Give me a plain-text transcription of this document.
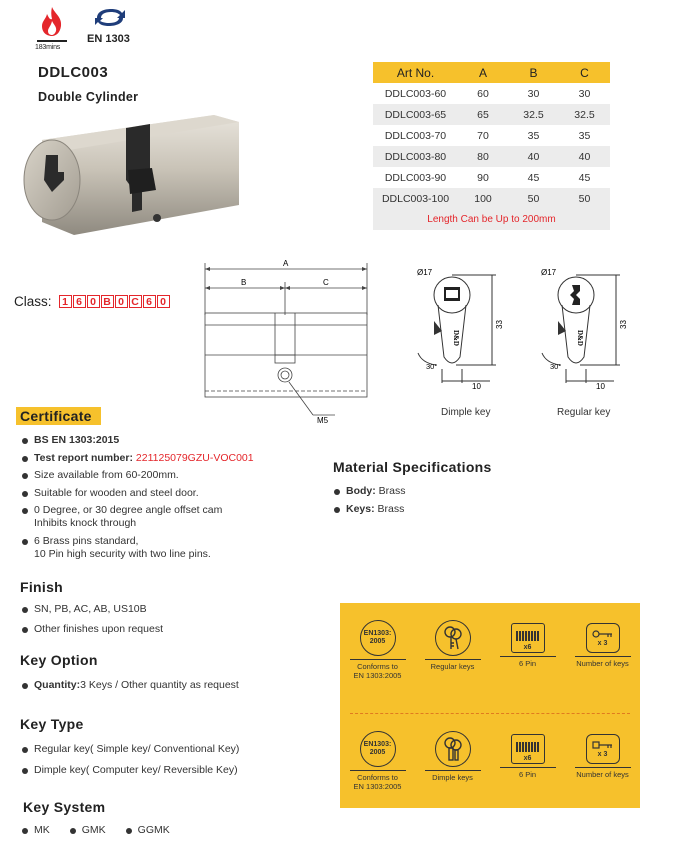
183mins
EN 1303
DDLC003
Double Cylinder
Art No.	A	B	C
DDLC003-60	60	30	30
DDLC003-65	65	32.5	32.5
DDLC003-70	70	35	35
DDLC003-80	80	40	40
DDLC003-90	90	45	45
DDLC003-100	100	50	50
Length Can be Up to 200mm			
Class:	1 6 0 B 0 C 6 0
A
B	C
M5
Ø17
33
10
30°
D&D
Dimple key
Ø17
33
10
30°
D&D
Regular key
Certificate
BS EN 1303:2015
Test report number: 221125079GZU-VOC001
Size available from 60-200mm.
Suitable for wooden and steel door.
0 Degree, or 30 degree angle offset cam
Inhibits knock through
6 Brass pins standard,
10 Pin high security with two line pins.
Material Specifications
Body: Brass
Keys: Brass
Finish
SN, PB, AC, AB, US10B
Other finishes upon request
Key Option
Quantity:3 Keys / Other quantity as request
Key Type
Regular key( Simple key/ Conventional Key)
Dimple key( Computer key/ Reversible Key)
Key System
MK	GMK	GGMK
EN1303:
2005
Conforms to
EN 1303:2005
Regular keys
x6
6 Pin
x 3
Number of keys
EN1303:
2005
Conforms to
EN 1303:2005
Dimple keys
x6
6 Pin
x 3
Number of keys
